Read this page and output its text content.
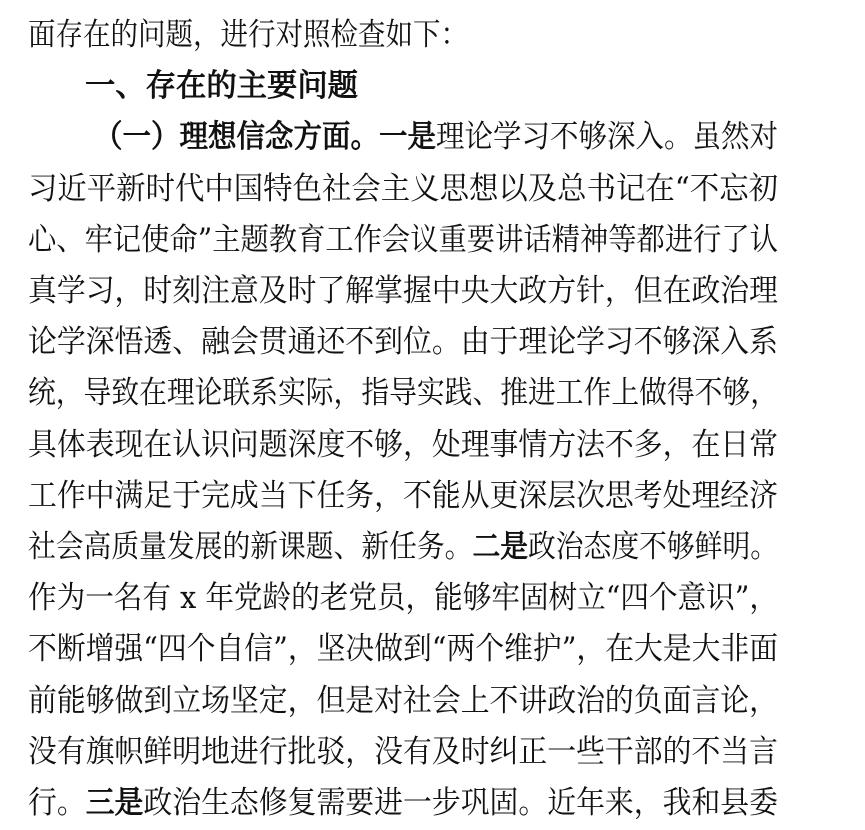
面存在的问题，进行对照检查如下：
一、存在的主要问题
（一）理想信念方面。一是理论学习不够深入。虽然对
习近平新时代中国特色社会主义思想以及总书记在“不忘初
心、牢记使命”主题教育工作会议重要讲话精神等都进行了认
真学习，时刻注意及时了解掌握中央大政方针，但在政治理
论学深悟透、融会贯通还不到位。由于理论学习不够深入系
统，导致在理论联系实际，指导实践、推进工作上做得不够，
具体表现在认识问题深度不够，处理事情方法不多，在日常
工作中满足于完成当下任务，不能从更深层次思考处理经济
社会高质量发展的新课题、新任务。二是政治态度不够鲜明。
作为一名有 x 年党龄的老党员，能够牢固树立“四个意识”，
不断增强“四个自信”，坚决做到“两个维护”，在大是大非面
前能够做到立场坚定，但是对社会上不讲政治的负面言论，
没有旗帜鲜明地进行批驳，没有及时纠正一些干部的不当言
行。三是政治生态修复需要进一步巩固。近年来，我和县委
